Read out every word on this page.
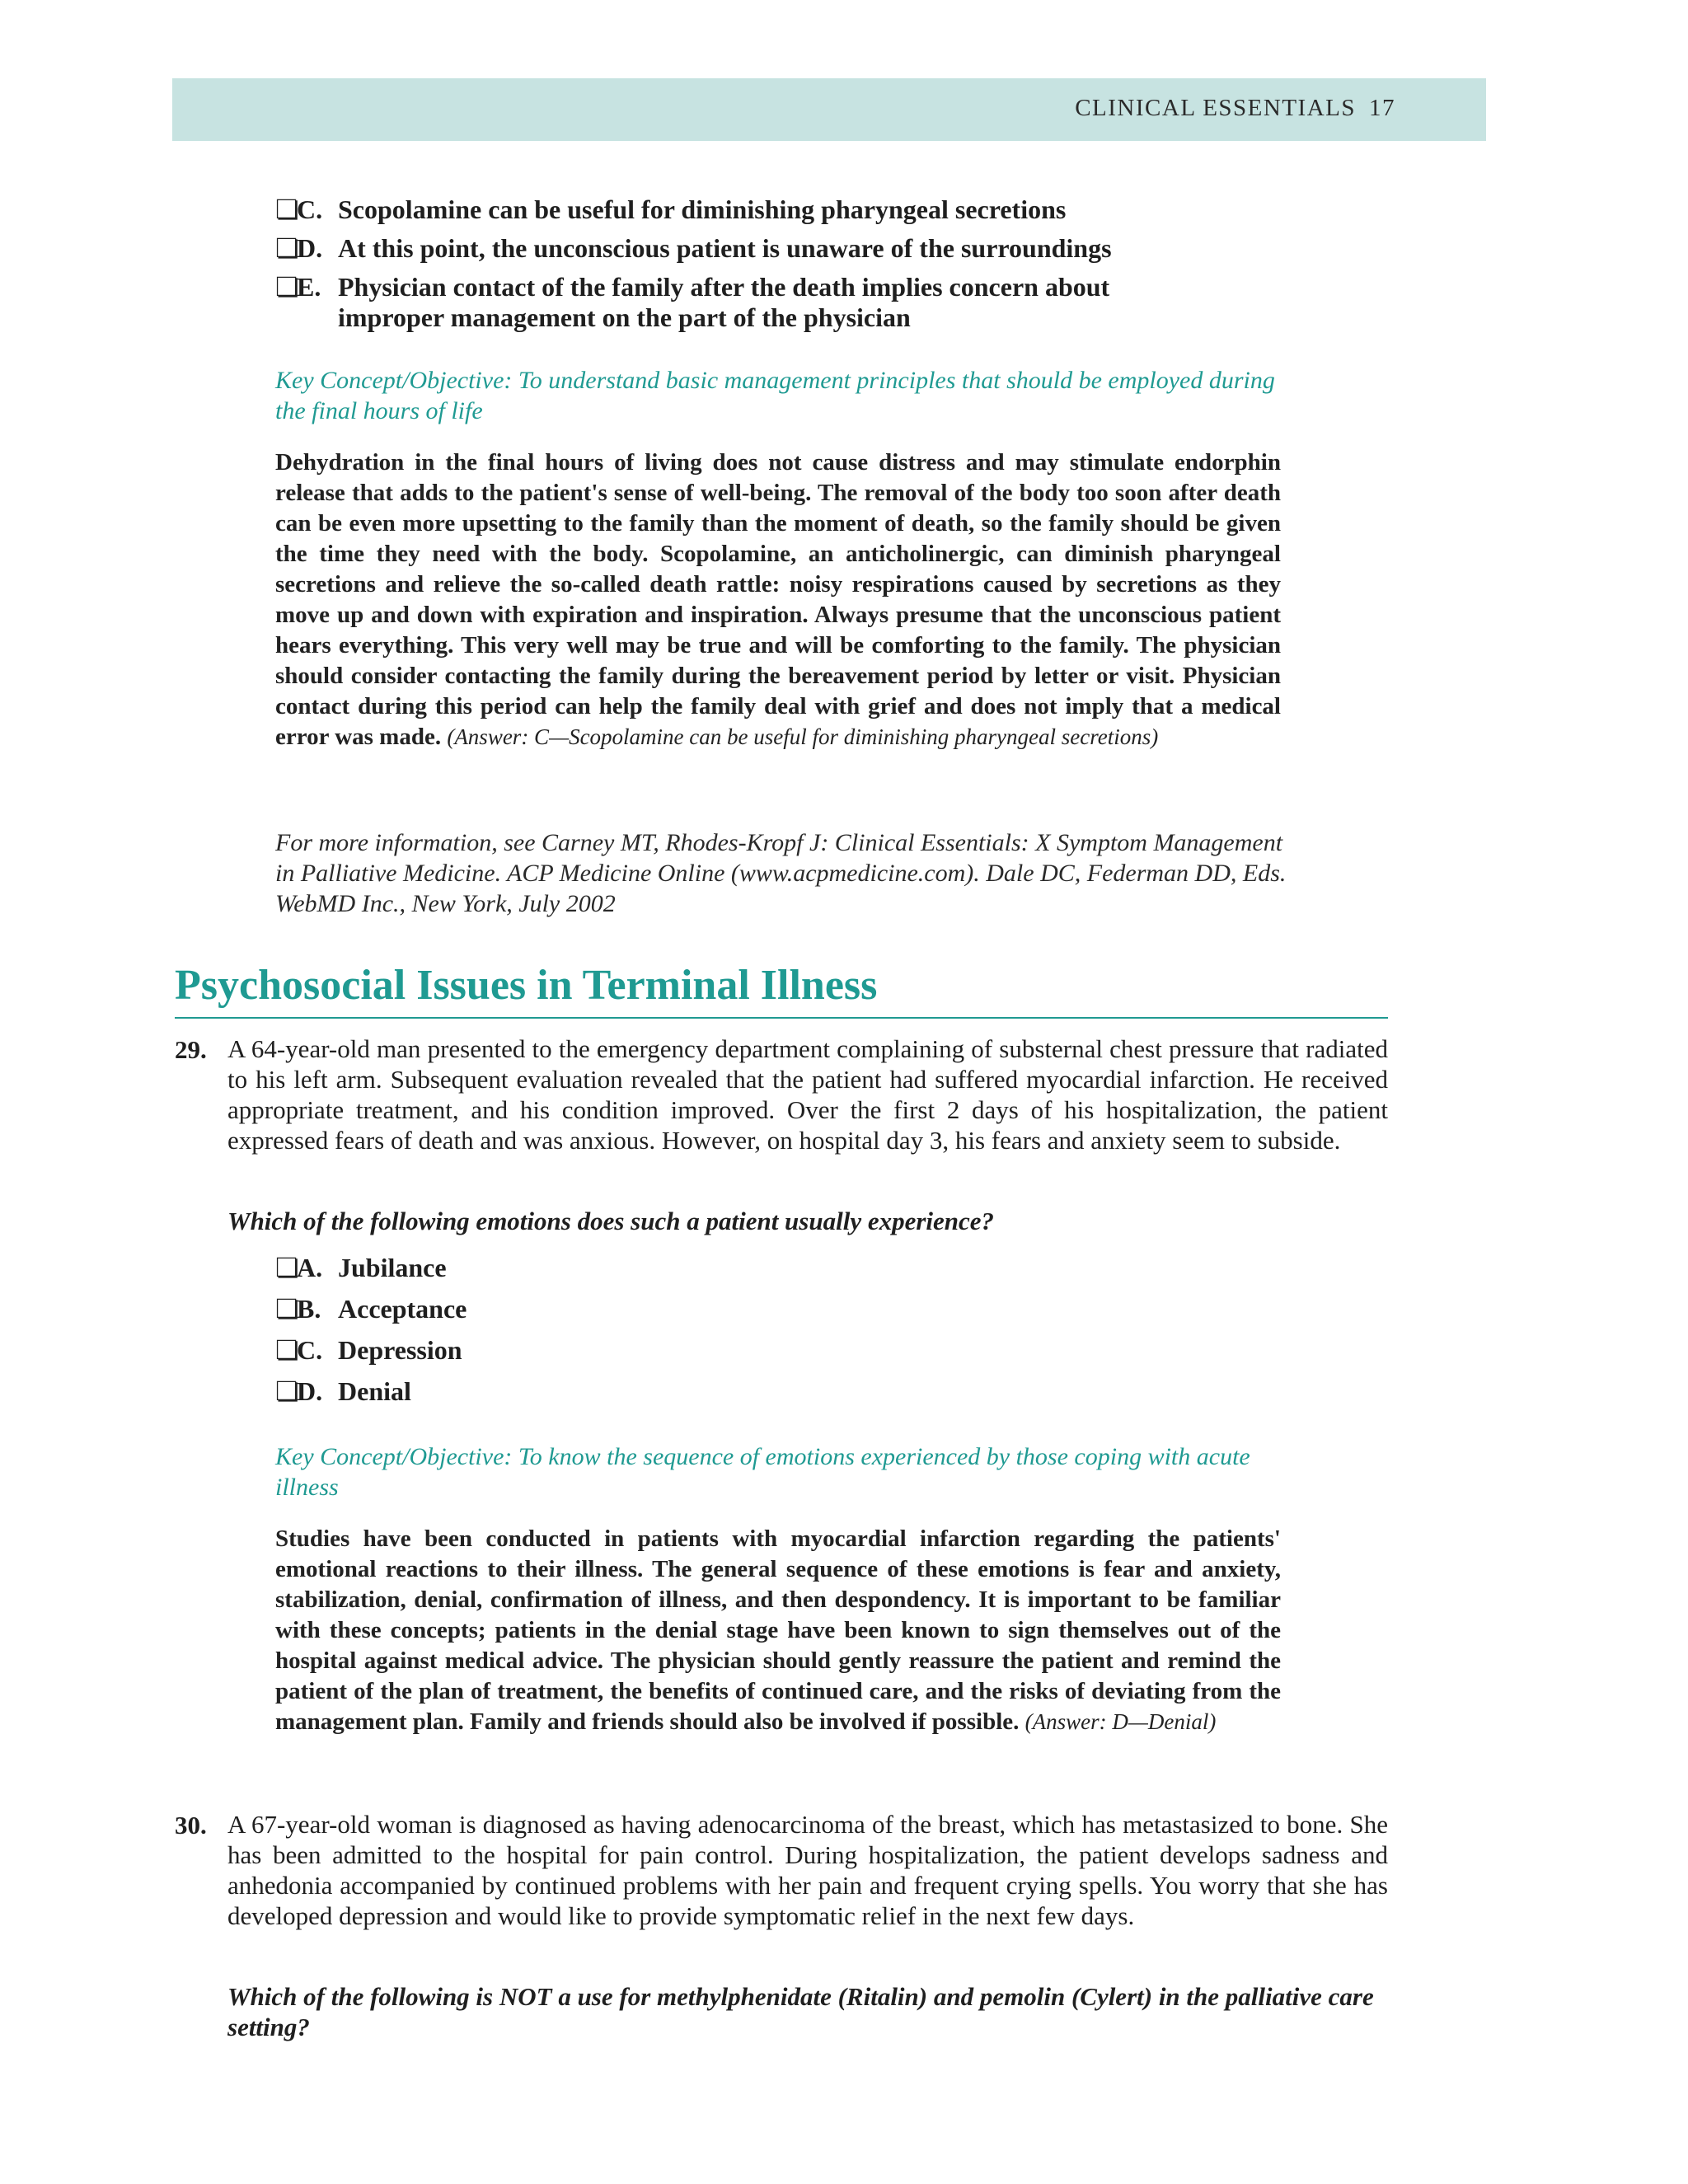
CLINICAL ESSENTIALS 17
❏C. Scopolamine can be useful for diminishing pharyngeal secretions
❏D. At this point, the unconscious patient is unaware of the surroundings
❏E. Physician contact of the family after the death implies concern about improper management on the part of the physician
Key Concept/Objective: To understand basic management principles that should be employed during the final hours of life
Dehydration in the final hours of living does not cause distress and may stimulate endorphin release that adds to the patient's sense of well-being. The removal of the body too soon after death can be even more upsetting to the family than the moment of death, so the family should be given the time they need with the body. Scopolamine, an anticholinergic, can diminish pharyngeal secretions and relieve the so-called death rattle: noisy respirations caused by secretions as they move up and down with expiration and inspiration. Always presume that the unconscious patient hears everything. This very well may be true and will be comforting to the family. The physician should consider contacting the family during the bereavement period by letter or visit. Physician contact during this period can help the family deal with grief and does not imply that a medical error was made. (Answer: C—Scopolamine can be useful for diminishing pharyngeal secretions)
For more information, see Carney MT, Rhodes-Kropf J: Clinical Essentials: X Symptom Management in Palliative Medicine. ACP Medicine Online (www.acpmedicine.com). Dale DC, Federman DD, Eds. WebMD Inc., New York, July 2002
Psychosocial Issues in Terminal Illness
29. A 64-year-old man presented to the emergency department complaining of substernal chest pressure that radiated to his left arm. Subsequent evaluation revealed that the patient had suffered myocardial infarction. He received appropriate treatment, and his condition improved. Over the first 2 days of his hospitalization, the patient expressed fears of death and was anxious. However, on hospital day 3, his fears and anxiety seem to subside.
Which of the following emotions does such a patient usually experience?
❏A. Jubilance
❏B. Acceptance
❏C. Depression
❏D. Denial
Key Concept/Objective: To know the sequence of emotions experienced by those coping with acute illness
Studies have been conducted in patients with myocardial infarction regarding the patients' emotional reactions to their illness. The general sequence of these emotions is fear and anxiety, stabilization, denial, confirmation of illness, and then despondency. It is important to be familiar with these concepts; patients in the denial stage have been known to sign themselves out of the hospital against medical advice. The physician should gently reassure the patient and remind the patient of the plan of treatment, the benefits of continued care, and the risks of deviating from the management plan. Family and friends should also be involved if possible. (Answer: D—Denial)
30. A 67-year-old woman is diagnosed as having adenocarcinoma of the breast, which has metastasized to bone. She has been admitted to the hospital for pain control. During hospitalization, the patient develops sadness and anhedonia accompanied by continued problems with her pain and frequent crying spells. You worry that she has developed depression and would like to provide symptomatic relief in the next few days.
Which of the following is NOT a use for methylphenidate (Ritalin) and pemolin (Cylert) in the palliative care setting?
